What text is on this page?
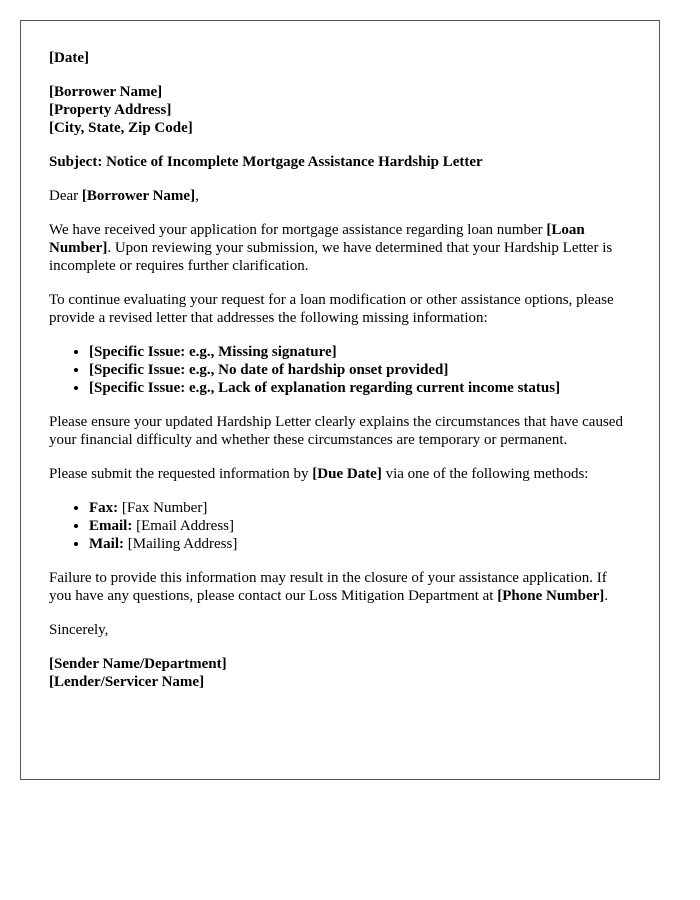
[Date]

[Borrower Name]
[Property Address]
[City, State, Zip Code]

Subject: Notice of Incomplete Mortgage Assistance Hardship Letter

Dear [Borrower Name],

We have received your application for mortgage assistance regarding loan number [Loan Number]. Upon reviewing your submission, we have determined that your Hardship Letter is incomplete or requires further clarification.

To continue evaluating your request for a loan modification or other assistance options, please provide a revised letter that addresses the following missing information:

• [Specific Issue: e.g., Missing signature]
• [Specific Issue: e.g., No date of hardship onset provided]
• [Specific Issue: e.g., Lack of explanation regarding current income status]

Please ensure your updated Hardship Letter clearly explains the circumstances that have caused your financial difficulty and whether these circumstances are temporary or permanent.

Please submit the requested information by [Due Date] via one of the following methods:

• Fax: [Fax Number]
• Email: [Email Address]
• Mail: [Mailing Address]

Failure to provide this information may result in the closure of your assistance application. If you have any questions, please contact our Loss Mitigation Department at [Phone Number].

Sincerely,

[Sender Name/Department]
[Lender/Servicer Name]
